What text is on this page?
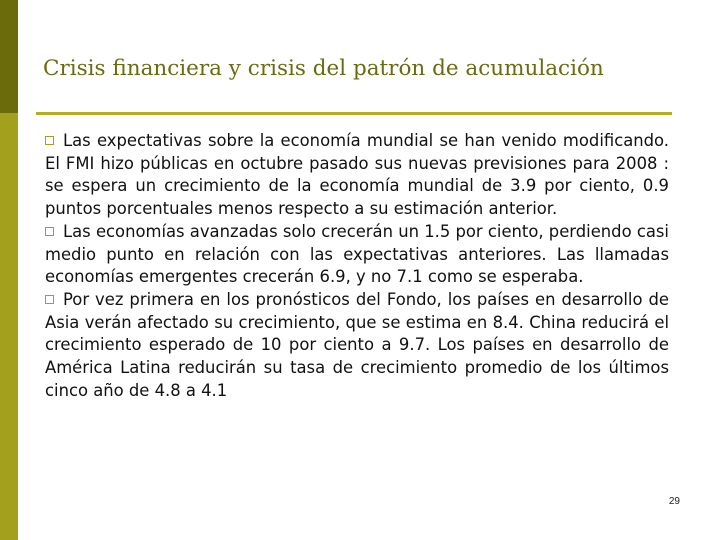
Crisis financiera y crisis del patrón de acumulación

Las expectativas sobre la economía mundial se han venido modificando. El FMI hizo públicas en octubre pasado sus nuevas previsiones para 2008 : se espera un crecimiento de la economía mundial de 3.9 por ciento, 0.9 puntos porcentuales menos respecto a su estimación anterior.

Las economías avanzadas solo crecerán un 1.5 por ciento, perdiendo casi medio punto en relación con las expectativas anteriores. Las llamadas economías emergentes crecerán 6.9, y no 7.1 como se esperaba.

Por vez primera en los pronósticos del Fondo, los países en desarrollo de Asia verán afectado su crecimiento, que se estima en 8.4. China reducirá el crecimiento esperado de 10 por ciento a 9.7. Los países en desarrollo de América Latina reducirán su tasa de crecimiento promedio de los últimos cinco año de 4.8 a 4.1

29
